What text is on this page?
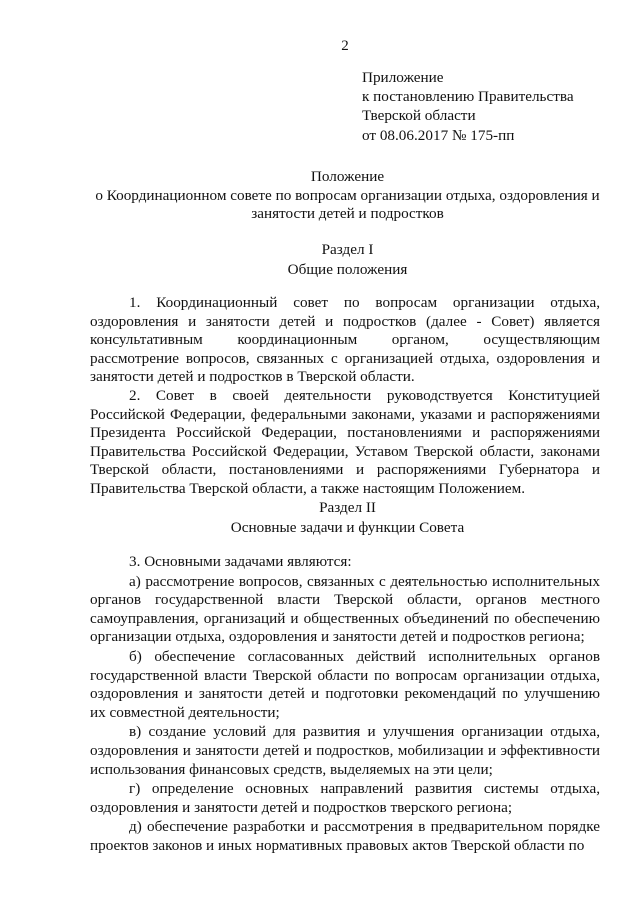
2
Приложение
к постановлению Правительства
Тверской области
от 08.06.2017 № 175-пп
Положение
о Координационном совете по вопросам организации отдыха, оздоровления и
занятости детей и подростков
Раздел I
Общие положения

1. Координационный совет по вопросам организации отдыха, оздоровления и занятости детей и подростков (далее - Совет) является консультативным координационным органом, осуществляющим рассмотрение вопросов, связанных с организацией отдыха, оздоровления и занятости детей и подростков в Тверской области.

2. Совет в своей деятельности руководствуется Конституцией Российской Федерации, федеральными законами, указами и распоряжениями Президента Российской Федерации, постановлениями и распоряжениями Правительства Российской Федерации, Уставом Тверской области, законами Тверской области, постановлениями и распоряжениями Губернатора и Правительства Тверской области, а также настоящим Положением.

Раздел II
Основные задачи и функции Совета

3. Основными задачами являются:

а) рассмотрение вопросов, связанных с деятельностью исполнительных органов государственной власти Тверской области, органов местного самоуправления, организаций и общественных объединений по обеспечению организации отдыха, оздоровления и занятости детей и подростков региона;

б) обеспечение согласованных действий исполнительных органов государственной власти Тверской области по вопросам организации отдыха, оздоровления и занятости детей и подготовки рекомендаций по улучшению их совместной деятельности;

в) создание условий для развития и улучшения организации отдыха, оздоровления и занятости детей и подростков, мобилизации и эффективности использования финансовых средств, выделяемых на эти цели;

г) определение основных направлений развития системы отдыха, оздоровления и занятости детей и подростков тверского региона;

д) обеспечение разработки и рассмотрения в предварительном порядке проектов законов и иных нормативных правовых актов Тверской области по
